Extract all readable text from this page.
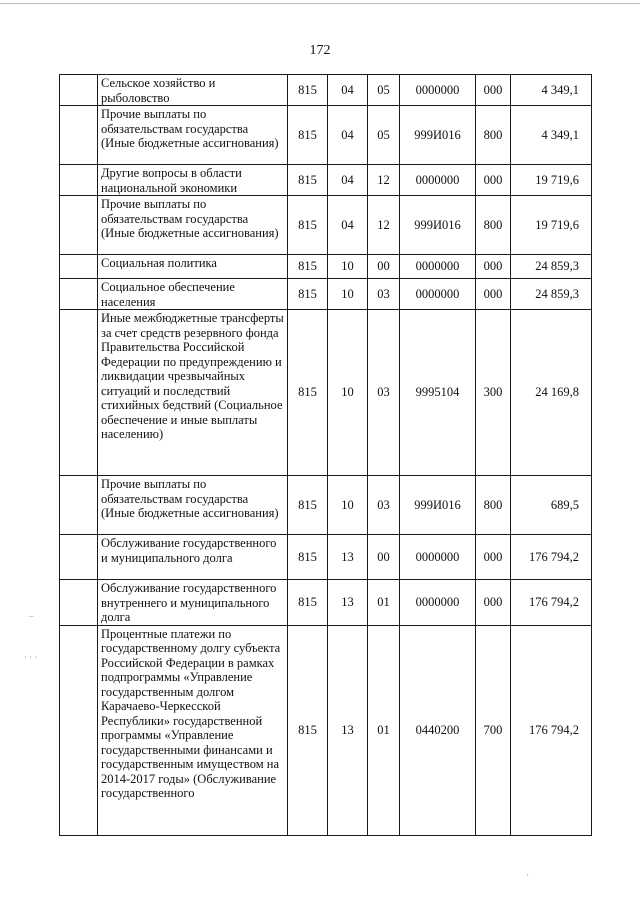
172
	Сельское хозяйство и рыболовство	815	04	05	0000000	000	4 349,1
	Прочие выплаты по обязательствам государства (Иные бюджетные ассигнования)	815	04	05	999И016	800	4 349,1
	Другие вопросы в области национальной экономики	815	04	12	0000000	000	19 719,6
	Прочие выплаты по обязательствам государства (Иные бюджетные ассигнования)	815	04	12	999И016	800	19 719,6
	Социальная политика	815	10	00	0000000	000	24 859,3
	Социальное обеспечение населения	815	10	03	0000000	000	24 859,3
	Иные межбюджетные трансферты за счет средств резервного фонда Правительства Российской Федерации по предупреждению и ликвидации чрезвычайных ситуаций и последствий стихийных бедствий (Социальное обеспечение и иные выплаты населению)	815	10	03	9995104	300	24 169,8
	Прочие выплаты по обязательствам государства (Иные бюджетные ассигнования)	815	10	03	999И016	800	689,5
	Обслуживание государственного и муниципального долга	815	13	00	0000000	000	176 794,2
	Обслуживание государственного внутреннего и муниципального долга	815	13	01	0000000	000	176 794,2
	Процентные платежи по государственному долгу субъекта Российской Федерации в рамках подпрограммы «Управление государственным долгом Карачаево-Черкесской Республики» государственной программы «Управление государственными финансами и государственным имуществом на 2014-2017 годы» (Обслуживание государственного	815	13	01	0440200	700	176 794,2
–
· · ·
·
